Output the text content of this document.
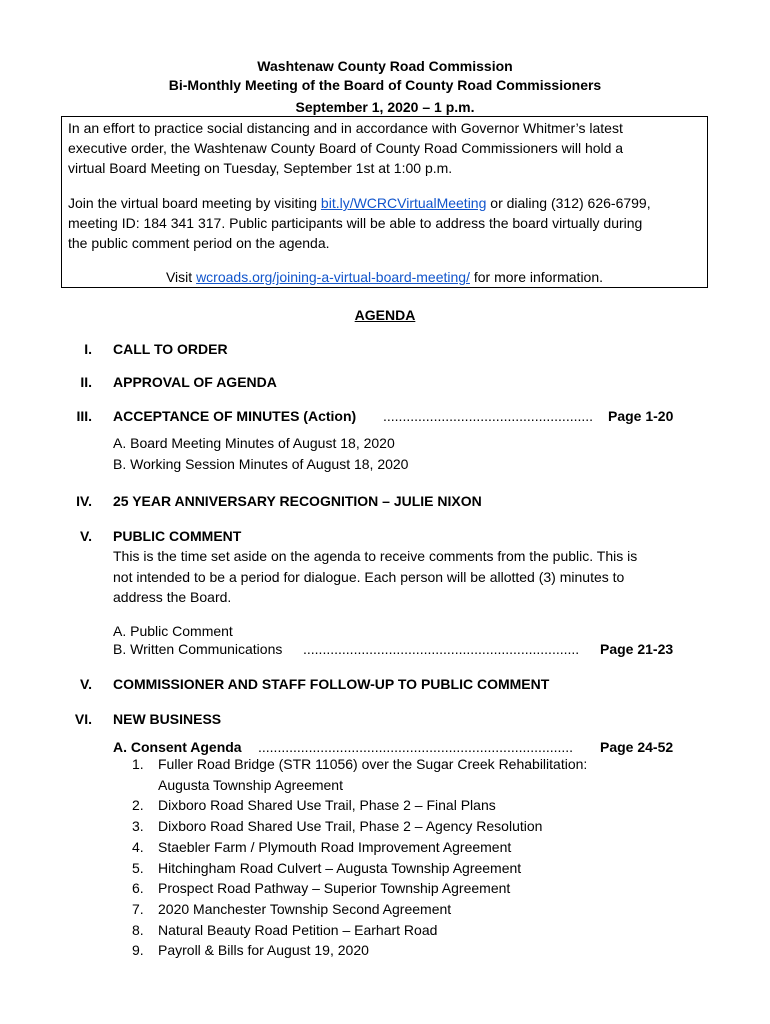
Washtenaw County Road Commission
Bi-Monthly Meeting of the Board of County Road Commissioners
September 1, 2020 – 1 p.m.
In an effort to practice social distancing and in accordance with Governor Whitmer’s latest
executive order, the Washtenaw County Board of County Road Commissioners will hold a
virtual Board Meeting on Tuesday, September 1st at 1:00 p.m.
Join the virtual board meeting by visiting bit.ly/WCRCVirtualMeeting or dialing (312) 626-6799,
meeting ID: 184 341 317. Public participants will be able to address the board virtually during
the public comment period on the agenda.
Visit wcroads.org/joining-a-virtual-board-meeting/ for more information.
AGENDA
I. CALL TO ORDER
II. APPROVAL OF AGENDA
III. ACCEPTANCE OF MINUTES (Action) ...................................................... Page 1-20
A. Board Meeting Minutes of August 18, 2020
B. Working Session Minutes of August 18, 2020
IV. 25 YEAR ANNIVERSARY RECOGNITION – JULIE NIXON
V. PUBLIC COMMENT
This is the time set aside on the agenda to receive comments from the public. This is
not intended to be a period for dialogue. Each person will be allotted (3) minutes to
address the Board.
A. Public Comment
B. Written Communications ....................................................................... Page 21-23
V. COMMISSIONER AND STAFF FOLLOW-UP TO PUBLIC COMMENT
VI. NEW BUSINESS
A. Consent Agenda ................................................................................. Page 24-52
1. Fuller Road Bridge (STR 11056) over the Sugar Creek Rehabilitation:
Augusta Township Agreement
2. Dixboro Road Shared Use Trail, Phase 2 – Final Plans
3. Dixboro Road Shared Use Trail, Phase 2 – Agency Resolution
4. Staebler Farm / Plymouth Road Improvement Agreement
5. Hitchingham Road Culvert – Augusta Township Agreement
6. Prospect Road Pathway – Superior Township Agreement
7. 2020 Manchester Township Second Agreement
8. Natural Beauty Road Petition – Earhart Road
9. Payroll & Bills for August 19, 2020
